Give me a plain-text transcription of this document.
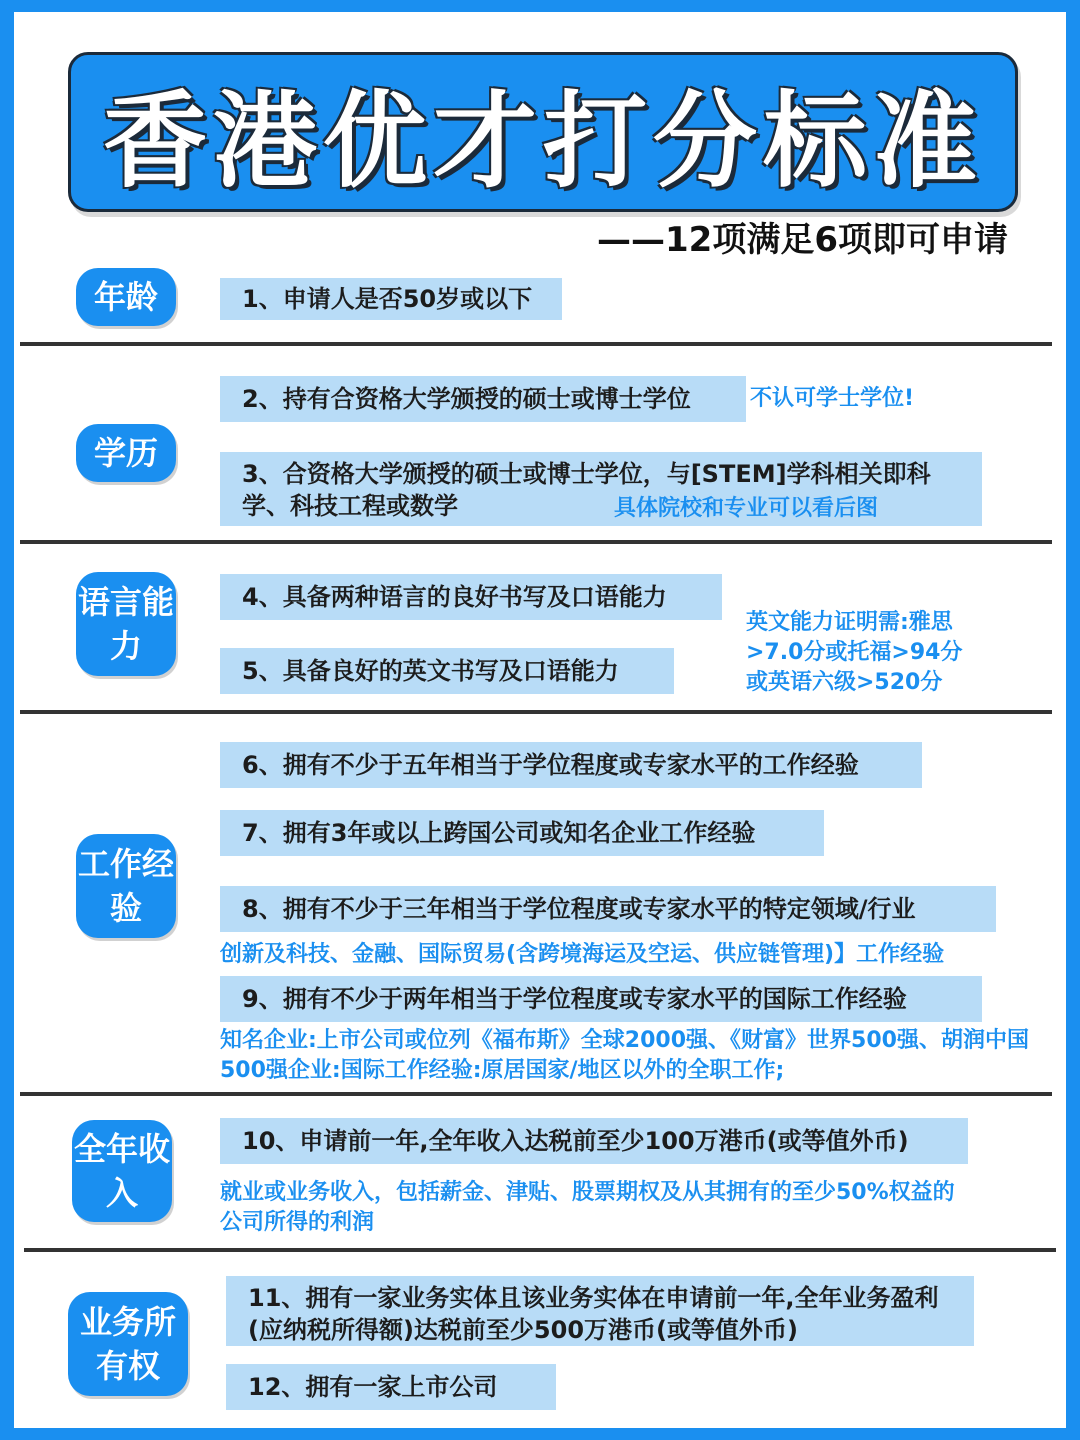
香港优才打分标准
——12项满足6项即可申请
年龄	1、申请人是否50岁或以下
学历
2、持有合资格大学颁授的硕士或博士学位	不认可学士学位!
3、合资格大学颁授的硕士或博士学位，与[STEM]学科相关即科学、科技工程或数学	具体院校和专业可以看后图
语言能力
4、具备两种语言的良好书写及口语能力
5、具备良好的英文书写及口语能力
英文能力证明需:雅思>7.0分或托福>94分或英语六级>520分
工作经验
6、拥有不少于五年相当于学位程度或专家水平的工作经验
7、拥有3年或以上跨国公司或知名企业工作经验
8、拥有不少于三年相当于学位程度或专家水平的特定领域/行业
创新及科技、金融、国际贸易(含跨境海运及空运、供应链管理)】工作经验
9、拥有不少于两年相当于学位程度或专家水平的国际工作经验
知名企业:上市公司或位列《福布斯》全球2000强、《财富》世界500强、胡润中国500强企业:国际工作经验:原居国家/地区以外的全职工作;
全年收入
10、申请前一年,全年收入达税前至少100万港币(或等值外币)
就业或业务收入，包括薪金、津贴、股票期权及从其拥有的至少50%权益的公司所得的利润
业务所有权
11、拥有一家业务实体且该业务实体在申请前一年,全年业务盈利(应纳税所得额)达税前至少500万港币(或等值外币)
12、拥有一家上市公司
